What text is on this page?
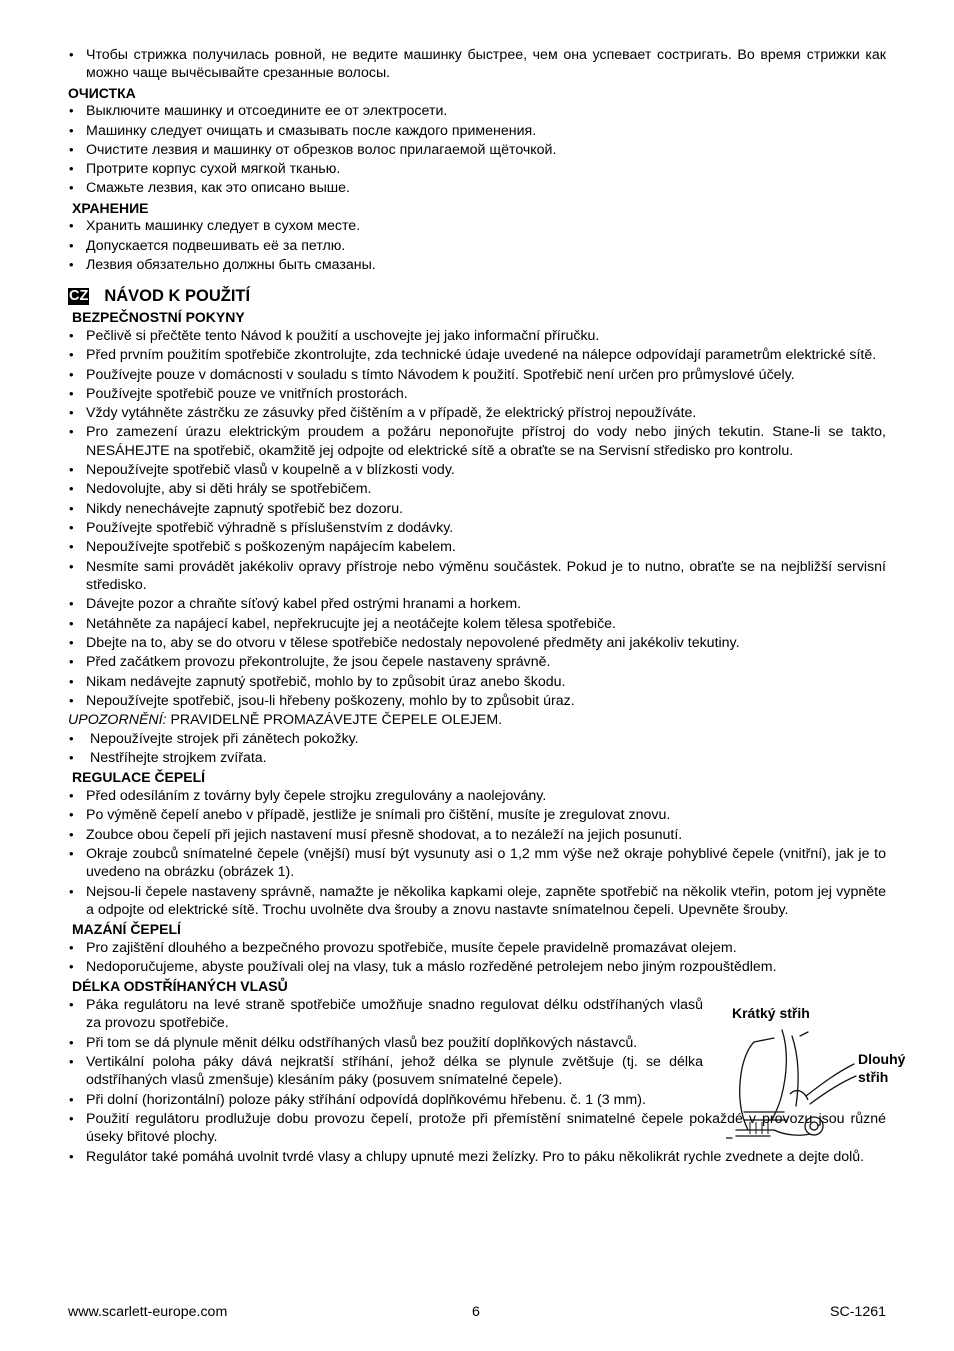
• Чтобы стрижка получилась ровной, не ведите машинку быстрее, чем она успевает состригать. Во время стрижки как можно чаще вычёсывайте срезанные волосы.

ОЧИСТКА

• Выключите машинку и отсоедините ее от электросети.
• Машинку следует очищать и смазывать после каждого применения.
• Очистите лезвия и машинку от обрезков волос прилагаемой щёточкой.
• Протрите корпус сухой мягкой тканью.
• Смажьте лезвия, как это описано выше.

ХРАНЕНИЕ

• Хранить машинку следует в сухом месте.
• Допускается подвешивать её за петлю.
• Лезвия обязательно должны быть смазаны.
CZ NÁVOD K POUŽITÍ

BEZPEČNOSTNÍ POKYNY

• Pečlivě si přečtěte tento Návod k použití a uschovejte jej jako informační příručku.
• Před prvním použitím spotřebiče zkontrolujte, zda technické údaje uvedené na nálepce odpovídají parametrům elektrické sítě.
• Používejte pouze v domácnosti v souladu s tímto Návodem k použití. Spotřebič není určen pro průmyslové účely.
• Používejte spotřebič pouze ve vnitřních prostorách.
• Vždy vytáhněte zástrčku ze zásuvky před čištěním a v případě, že elektrický přístroj nepoužíváte.
• Pro zamezení úrazu elektrickým proudem a požáru neponořujte přístroj do vody nebo jiných tekutin. Stane-li se takto, NESÁHEJTE na spotřebič, okamžitě jej odpojte od elektrické sítě a obraťte se na Servisní středisko pro kontrolu.
• Nepoužívejte spotřebič vlasů v koupelně a v blízkosti vody.
• Nedovolujte, aby si děti hrály se spotřebičem.
• Nikdy nenechávejte zapnutý spotřebič bez dozoru.
• Používejte spotřebič výhradně s příslušenstvím z dodávky.
• Nepoužívejte spotřebič s poškozeným napájecím kabelem.
• Nesmíte sami provádět jakékoliv opravy přístroje nebo výměnu součástek. Pokud je to nutno, obraťte se na nejbližší servisní středisko.
• Dávejte pozor a chraňte síťový kabel před ostrými hranami a horkem.
• Netáhněte za napájecí kabel, nepřekrucujte jej a neotáčejte kolem tělesa spotřebiče.
• Dbejte na to, aby se do otvoru v tělese spotřebiče nedostaly nepovolené předměty ani jakékoliv tekutiny.
• Před začátkem provozu překontrolujte, že jsou čepele nastaveny správně.
• Nikam nedávejte zapnutý spotřebič, mohlo by to způsobit úraz anebo škodu.
• Nepoužívejte spotřebič, jsou-li hřebeny poškozeny, mohlo by to způsobit úraz.

UPOZORNĚNÍ: PRAVIDELNĚ PROMAZÁVEJTE ČEPELE OLEJEM.

• Nepoužívejte strojek při zánětech pokožky.
• Nestříhejte strojkem zvířata.

REGULACE ČEPELÍ

• Před odesíláním z továrny byly čepele strojku zregulovány a naolejovány.
• Po výměně čepelí anebo v případě, jestliže je snímali pro čištění, musíte je zregulovat znovu.
• Zoubce obou čepelí při jejich nastavení musí přesně shodovat, a to nezáleží na jejich posunutí.
• Okraje zoubců snímatelné čepele (vnější) musí být vysunuty asi o 1,2 mm výše než okraje pohyblivé čepele (vnitřní), jak je to uvedeno na obrázku (obrázek 1).
• Nejsou-li čepele nastaveny správně, namažte je několika kapkami oleje, zapněte spotřebič na několik vteřin, potom jej vypněte a odpojte od elektrické sítě. Trochu uvolněte dva šrouby a znovu nastavte snímatelnou čepeli. Upevněte šrouby.

MAZÁNÍ ČEPELÍ

• Pro zajištění dlouhého a bezpečného provozu spotřebiče, musíte čepele pravidelně promazávat olejem.
• Nedoporučujeme, abyste používali olej na vlasy, tuk a máslo rozředěné petrolejem nebo jiným rozpouštědlem.

DÉLKA ODSTŘÍHANÝCH VLASŮ

• Páka regulátoru na levé straně spotřebiče umožňuje snadno regulovat délku odstříhaných vlasů za provozu spotřebiče.
• Při tom se dá plynule měnit délku odstříhaných vlasů bez použití doplňkových nástavců.
• Vertikální poloha páky dává nejkratší stříhání, jehož délka se plynule zvětšuje (tj. se délka odstříhaných vlasů zmenšuje) klesáním páky (posuvem snímatelné čepele).
• Při dolní (horizontální) poloze páky stříhání odpovídá doplňkovému hřebenu. č. 1 (3 mm).
Krátký střih
Dlouhý
střih
• Použití regulátoru prodlužuje dobu provozu čepelí, protože při přemístění snimatelné čepele pokaždé v provozu jsou různé úseky břitové plochy.
• Regulátor také pomáhá uvolnit tvrdé vlasy a chlupy upnuté mezi želízky. Pro to páku několikrát rychle zvednete a dejte dolů.
www.scarlett-europe.com	6	SC-1261
